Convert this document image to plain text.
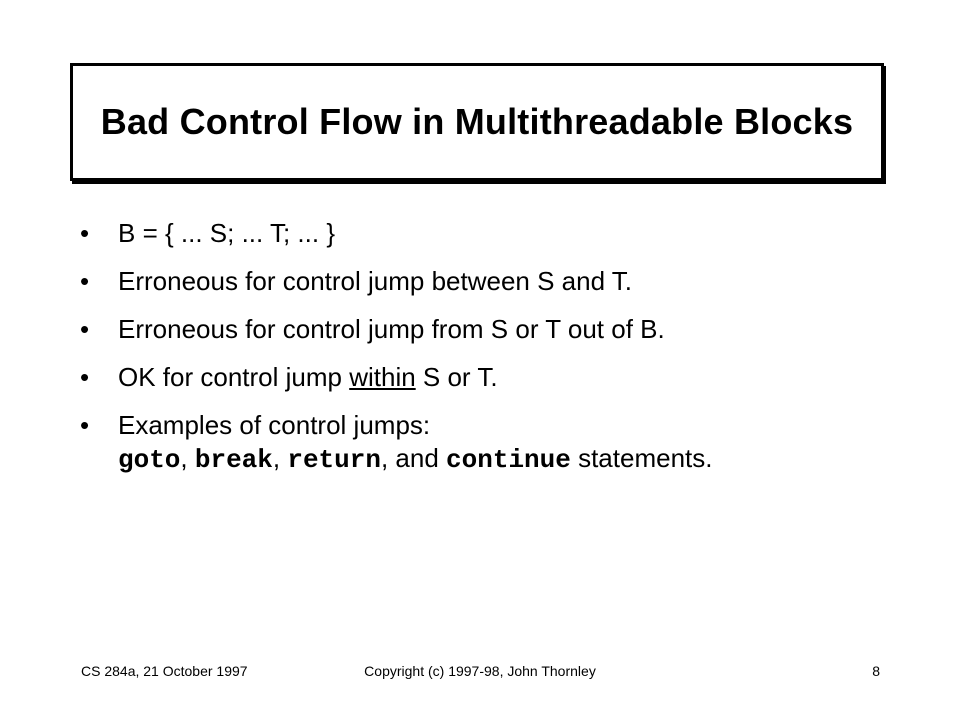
Bad Control Flow in Multithreadable Blocks
• B = { ... S; ... T; ... }
• Erroneous for control jump between S and T.
• Erroneous for control jump from S or T out of B.
• OK for control jump within S or T.
• Examples of control jumps:
goto, break, return, and continue statements.
CS 284a, 21 October 1997	Copyright (c) 1997-98, John Thornley	8
